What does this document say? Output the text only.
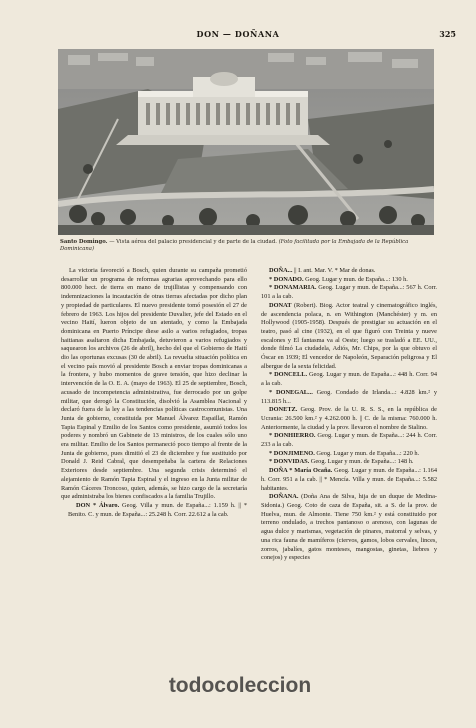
DON — DOÑANA	325
Santo Domingo. — Vista aérea del palacio presidencial y de parte de la ciudad. (Foto facilitada por la Embajada de la República Dominicana)

La victoria favoreció a Bosch, quien durante su campaña prometió desarrollar un programa de reformas agrarias aprovechando para ello 800.000 hect. de tierra en mano de trujillistas y compensando con indemnizaciones la incautación de otras tierras afectadas por dicho plan y propiedad de particulares. El nuevo presidente tomó posesión el 27 de febrero de 1963. Los hijos del presidente Duvalier, jefe del Estado en el vecino Haití, lueron objeto de un atentado, y como la Embajada dominicana en Puerto Príncipe diese asilo a varios refugiados, tropas haitianas asaltaron dicha Embajada, detuvieron a varios refugiados y saquearon los archivos (26 de abril), hecho del que el Gobierno de Haití dio las oportunas excusas (30 de abril). La revuelta situación política en el vecino país movió al presidente Bosch a enviar tropas dominicanas a la frontera, y hubo momentos de grave tensión, que hizo declinar la intervención de la O. E. A. (mayo de 1963). El 25 de septiembre, Bosch, acusado de incompetencia administrativa, fue derrocado por un golpe militar, que derogó la Constitución, disolvió la Asamblea Nacional y declaró fuera de la ley a las tendencias políticas castrocomunistas. Una Junta de gobierno, constituida por Manuel Álvarez Espaillat, Ramón Tapia Espinal y Emilio de los Santos como presidente, asumió todos los poderes y nombró un Gabinete de 13 ministros, de los cuales sólo uno era militar. Emilio de los Santos permaneció poco tiempo al frente de la Junta de gobierno, pues dimitió el 23 de diciembre y fue sustituido por Donald J. Reid Cabral, que desempeñaba la cartera de Relaciones Exteriores desde septiembre. Una segunda crisis determinó el alejamiento de Ramón Tapia Espinal y el ingreso en la Junta militar de Ramón Cáceres Troncoso, quien, además, se hizo cargo de la secretaría que administraba los bienes confiscados a la familia Trujillo.

DON * Álvaro. Geog. Villa y mun. de España...: 1.159 h. || * Benito. C. y mun. de España...: 25.248 h. Corr. 22.612 a la cab.

DOÑA... || I. ant. Mar. V. * Mar de donas.

* DONADO. Geog. Lugar y mun. de España...: 130 h.

* DONAMARIA. Geog. Lugar y mun. de España...: 567 h. Corr. 101 a la cab.

DONAT (Robert). Biog. Actor teatral y cinematográfico inglés, de ascendencia polaca, n. en Withington (Manchéster) y m. en Hollywood (1905-1958). Después de prestigiar su actuación en el teatro, pasó al cine (1932), en el que figuró con Treinta y nueve escalones y El fantasma va al Oeste; luego se trasladó a EE. UU., donde filmó La ciudadela, Adiós, Mr. Chips, por la que obtuvo el Óscar en 1939; El vencedor de Napoleón, Separación peligrosa y El albergue de la sexta felicidad.

* DONCELL. Geog. Lugar y mun. de España...: 448 h. Corr. 94 a la cab.

* DONEGAL... Geog. Condado de Irlanda...: 4.828 km.² y 113.815 h...

DONETZ. Geog. Prov. de la U. R. S. S., en la república de Ucrania: 26.500 km.² y 4.262.000 h. || C. de la misma: 760.000 h. Anteriormente, la ciudad y la prov. llevaron el nombre de Stalino.

* DONHIERRO. Geog. Lugar y mun. de España...: 244 h. Corr. 233 a la cab.

* DONJIMENO. Geog. Lugar y mun. de España...: 220 h.

* DONVIDAS. Geog. Lugar y mun. de España...: 148 h.

DOÑA * María Ocaña. Geog. Lugar y mun. de España...: 1.164 h. Corr. 951 a la cab. || * Mencía. Villa y mun. de España...: 5.582 habitantes.

DOÑANA. (Doña Ana de Silva, hija de un duque de Medina-Sidonia.) Geog. Coto de caza de España, sit. a S. de la prov. de Huelva, mun. de Almonte. Tiene 750 km.² y está constituido por terreno ondulado, a trechos pantanoso o arenoso, con lagunas de agua dulce y marismas, vegetación de pinares, matorral y selvas, y una rica fauna de mamíferos (ciervos, gamos, lobos cervales, linces, zorros, jabalíes, gatos monteses, mangostas, ginetas, liebres y conejos) y especies

todocoleccion
